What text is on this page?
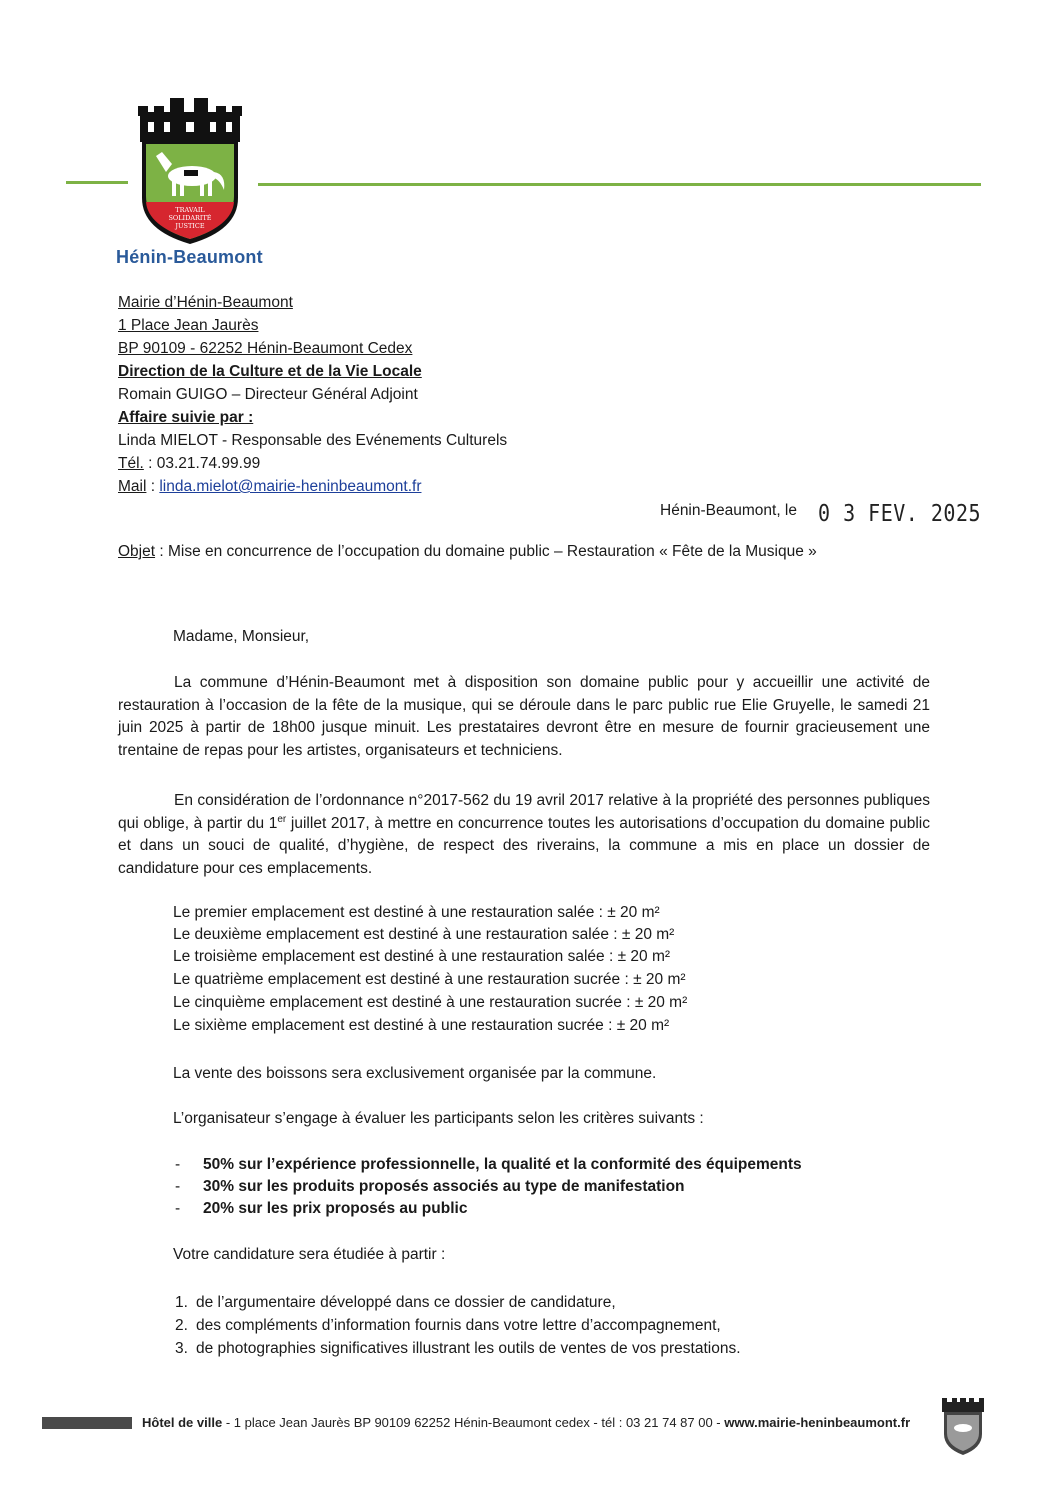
TRAVAIL
SOLIDARITÉ
JUSTICE
Hénin-Beaumont
Mairie d’Hénin-Beaumont
1 Place Jean Jaurès
BP 90109 - 62252 Hénin-Beaumont Cedex
Direction de la Culture et de la Vie Locale
Romain GUIGO – Directeur Général Adjoint
Affaire suivie par :
Linda MIELOT - Responsable des Evénements Culturels
Tél. : 03.21.74.99.99
Mail : linda.mielot@mairie-heninbeaumont.fr
Hénin-Beaumont, le 0 3 FEV. 2025
Objet : Mise en concurrence de l’occupation du domaine public – Restauration « Fête de la Musique »
Madame, Monsieur,
La commune d’Hénin-Beaumont met à disposition son domaine public pour y accueillir une activité de restauration à l’occasion de la fête de la musique, qui se déroule dans le parc public rue Elie Gruyelle, le samedi 21 juin 2025 à partir de 18h00 jusque minuit. Les prestataires devront être en mesure de fournir gracieusement une trentaine de repas pour les artistes, organisateurs et techniciens.
En considération de l’ordonnance n°2017-562 du 19 avril 2017 relative à la propriété des personnes publiques qui oblige, à partir du 1er juillet 2017, à mettre en concurrence toutes les autorisations d’occupation du domaine public et dans un souci de qualité, d’hygiène, de respect des riverains, la commune a mis en place un dossier de candidature pour ces emplacements.
Le premier emplacement est destiné à une restauration salée : ± 20 m²
Le deuxième emplacement est destiné à une restauration salée : ± 20 m²
Le troisième emplacement est destiné à une restauration salée : ± 20 m²
Le quatrième emplacement est destiné à une restauration sucrée : ± 20 m²
Le cinquième emplacement est destiné à une restauration sucrée : ± 20 m²
Le sixième emplacement est destiné à une restauration sucrée : ± 20 m²
La vente des boissons sera exclusivement organisée par la commune.
L’organisateur s’engage à évaluer les participants selon les critères suivants :
- 50% sur l’expérience professionnelle, la qualité et la conformité des équipements
- 30% sur les produits proposés associés au type de manifestation
- 20% sur les prix proposés au public
Votre candidature sera étudiée à partir :
1. de l’argumentaire développé dans ce dossier de candidature,
2. des compléments d’information fournis dans votre lettre d’accompagnement,
3. de photographies significatives illustrant les outils de ventes de vos prestations.
Hôtel de ville - 1 place Jean Jaurès BP 90109 62252 Hénin-Beaumont cedex - tél : 03 21 74 87 00 - www.mairie-heninbeaumont.fr
